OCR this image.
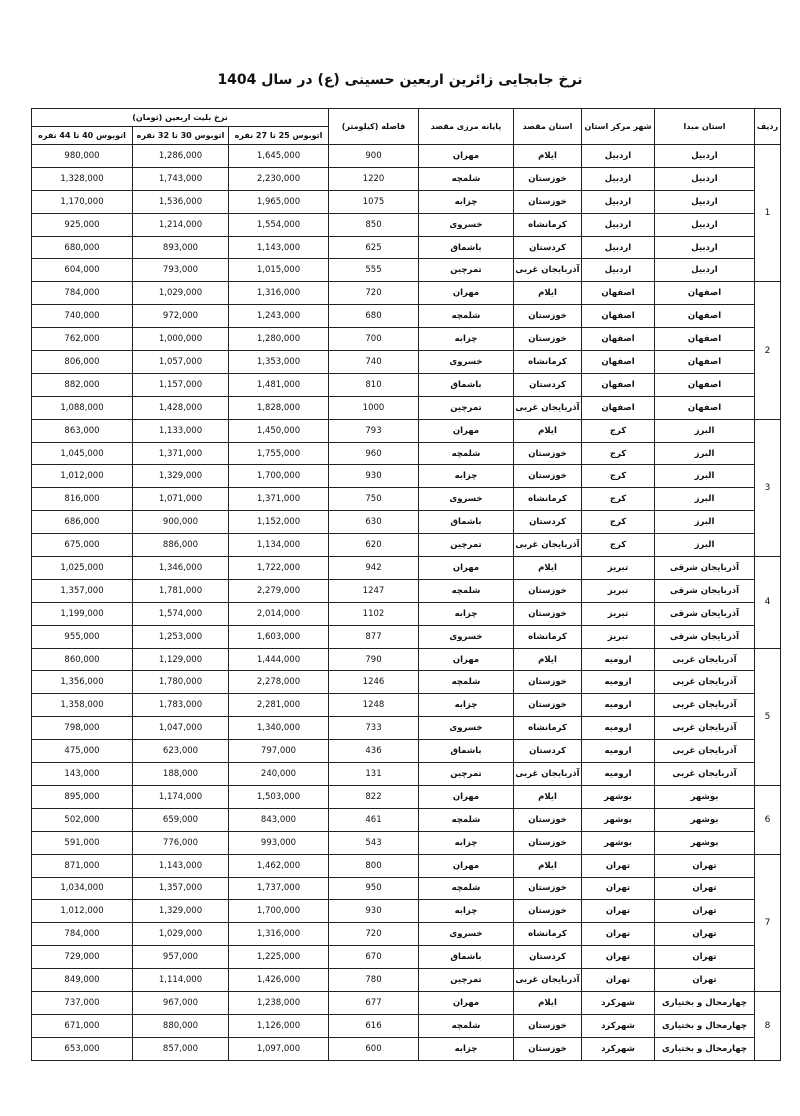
نرخ جابجایی زائرین اربعین حسینی (ع) در سال 1404
ردیف	استان مبدا	شهر مرکز استان	استان مقصد	پایانه مرزی مقصد	فاصله (کیلومتر)	نرخ بلیت اربعین (تومان)		
						اتوبوس 25 تا 27 نفره	اتوبوس 30 تا 32 نفره	اتوبوس 40 تا 44 نفره
1	اردبیل	اردبیل	ایلام	مهران	900	1,645,000	1,286,000	980,000
	اردبیل	اردبیل	خوزستان	شلمچه	1220	2,230,000	1,743,000	1,328,000
	اردبیل	اردبیل	خوزستان	چزابه	1075	1,965,000	1,536,000	1,170,000
	اردبیل	اردبیل	کرمانشاه	خسروی	850	1,554,000	1,214,000	925,000
	اردبیل	اردبیل	کردستان	باشماق	625	1,143,000	893,000	680,000
	اردبیل	اردبیل	آذربایجان غربی	تمرچین	555	1,015,000	793,000	604,000
2	اصفهان	اصفهان	ایلام	مهران	720	1,316,000	1,029,000	784,000
	اصفهان	اصفهان	خوزستان	شلمچه	680	1,243,000	972,000	740,000
	اصفهان	اصفهان	خوزستان	چزابه	700	1,280,000	1,000,000	762,000
	اصفهان	اصفهان	کرمانشاه	خسروی	740	1,353,000	1,057,000	806,000
	اصفهان	اصفهان	کردستان	باشماق	810	1,481,000	1,157,000	882,000
	اصفهان	اصفهان	آذربایجان غربی	تمرچین	1000	1,828,000	1,428,000	1,088,000
3	البرز	کرج	ایلام	مهران	793	1,450,000	1,133,000	863,000
	البرز	کرج	خوزستان	شلمچه	960	1,755,000	1,371,000	1,045,000
	البرز	کرج	خوزستان	چزابه	930	1,700,000	1,329,000	1,012,000
	البرز	کرج	کرمانشاه	خسروی	750	1,371,000	1,071,000	816,000
	البرز	کرج	کردستان	باشماق	630	1,152,000	900,000	686,000
	البرز	کرج	آذربایجان غربی	تمرچین	620	1,134,000	886,000	675,000
4	آذربایجان شرقی	تبریز	ایلام	مهران	942	1,722,000	1,346,000	1,025,000
	آذربایجان شرقی	تبریز	خوزستان	شلمچه	1247	2,279,000	1,781,000	1,357,000
	آذربایجان شرقی	تبریز	خوزستان	چزابه	1102	2,014,000	1,574,000	1,199,000
	آذربایجان شرقی	تبریز	کرمانشاه	خسروی	877	1,603,000	1,253,000	955,000
5	آذربایجان غربی	ارومیه	ایلام	مهران	790	1,444,000	1,129,000	860,000
	آذربایجان غربی	ارومیه	خوزستان	شلمچه	1246	2,278,000	1,780,000	1,356,000
	آذربایجان غربی	ارومیه	خوزستان	چزابه	1248	2,281,000	1,783,000	1,358,000
	آذربایجان غربی	ارومیه	کرمانشاه	خسروی	733	1,340,000	1,047,000	798,000
	آذربایجان غربی	ارومیه	کردستان	باشماق	436	797,000	623,000	475,000
	آذربایجان غربی	ارومیه	آذربایجان غربی	تمرچین	131	240,000	188,000	143,000
6	بوشهر	بوشهر	ایلام	مهران	822	1,503,000	1,174,000	895,000
	بوشهر	بوشهر	خوزستان	شلمچه	461	843,000	659,000	502,000
	بوشهر	بوشهر	خوزستان	چزابه	543	993,000	776,000	591,000
7	تهران	تهران	ایلام	مهران	800	1,462,000	1,143,000	871,000
	تهران	تهران	خوزستان	شلمچه	950	1,737,000	1,357,000	1,034,000
	تهران	تهران	خوزستان	چزابه	930	1,700,000	1,329,000	1,012,000
	تهران	تهران	کرمانشاه	خسروی	720	1,316,000	1,029,000	784,000
	تهران	تهران	کردستان	باشماق	670	1,225,000	957,000	729,000
	تهران	تهران	آذربایجان غربی	تمرچین	780	1,426,000	1,114,000	849,000
8	چهارمحال و بختیاری	شهرکرد	ایلام	مهران	677	1,238,000	967,000	737,000
	چهارمحال و بختیاری	شهرکرد	خوزستان	شلمچه	616	1,126,000	880,000	671,000
	چهارمحال و بختیاری	شهرکرد	خوزستان	چزابه	600	1,097,000	857,000	653,000
